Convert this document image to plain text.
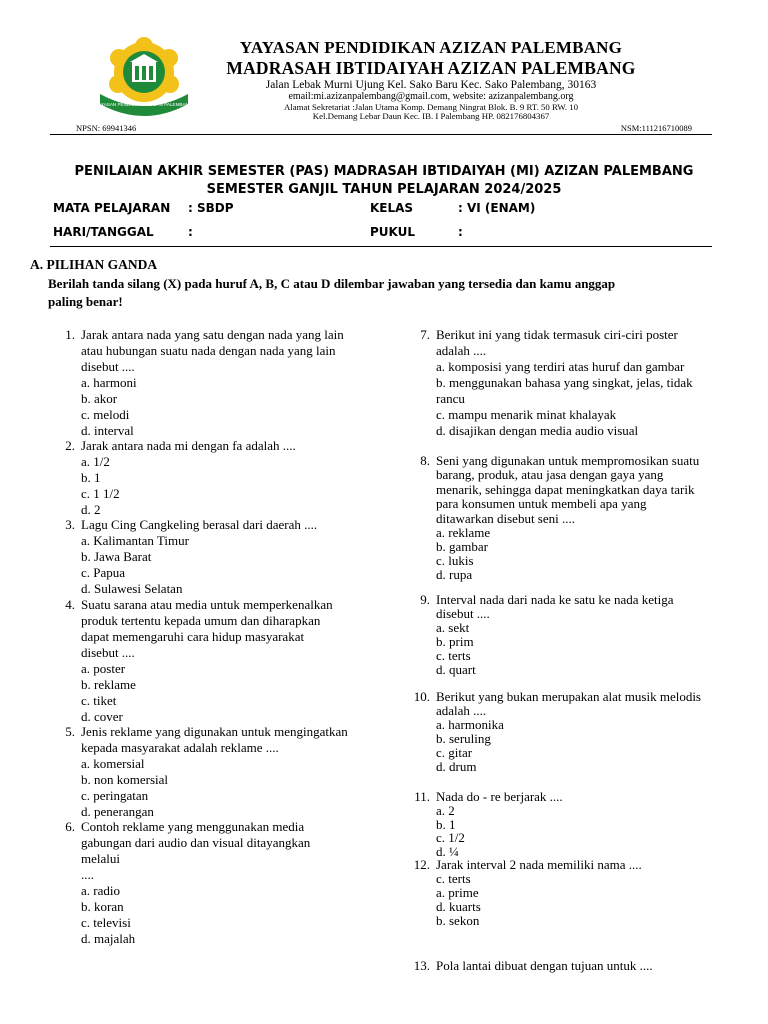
YAYASAN PENDIDIKAN AZIZAN PALEMBANG
YAYASAN PENDIDIKAN AZIZAN PALEMBANG
MADRASAH IBTIDAIYAH AZIZAN PALEMBANG
Jalan Lebak Murni Ujung Kel. Sako Baru Kec. Sako Palembang, 30163
email:mi.azizanpalembang@gmail.com, website: azizanpalembang.org
Alamat Sekretariat :Jalan Utama Komp. Demang Ningrat Blok. B. 9 RT. 50 RW. 10
Kel.Demang Lebar Daun Kec. IB. I Palembang HP. 082176804367
NPSN: 69941346	NSM:111216710089
PENILAIAN AKHIR SEMESTER (PAS) MADRASAH IBTIDAIYAH (MI) AZIZAN PALEMBANG
SEMESTER GANJIL TAHUN PELAJARAN 2024/2025
MATA PELAJARAN : SBDP	KELAS	: VI (ENAM)
HARI/TANGGAL	:	PUKUL	:
A. PILIHAN GANDA
Berilah tanda silang (X) pada huruf A, B, C atau D dilembar jawaban yang tersedia dan kamu anggap
paling benar!
1. Jarak antara nada yang satu dengan nada yang lain
atau hubungan suatu nada dengan nada yang lain
disebut ....
a. harmoni
b. akor
c. melodi
d. interval
2. Jarak antara nada mi dengan fa adalah ....
a. 1/2
b. 1
c. 1 1/2
d. 2
3. Lagu Cing Cangkeling berasal dari daerah ....
a. Kalimantan Timur
b. Jawa Barat
c. Papua
d. Sulawesi Selatan
4. Suatu sarana atau media untuk memperkenalkan
produk tertentu kepada umum dan diharapkan
dapat memengaruhi cara hidup masyarakat
disebut ....
a. poster
b. reklame
c. tiket
d. cover
5. Jenis reklame yang digunakan untuk mengingatkan
kepada masyarakat adalah reklame ....
a. komersial
b. non komersial
c. peringatan
d. penerangan
6. Contoh reklame yang menggunakan media
gabungan dari audio dan visual ditayangkan
melalui
....
a. radio
b. koran
c. televisi
d. majalah
7. Berikut ini yang tidak termasuk ciri-ciri poster
adalah ....
a. komposisi yang terdiri atas huruf dan gambar
b. menggunakan bahasa yang singkat, jelas, tidak
rancu
c. mampu menarik minat khalayak
d. disajikan dengan media audio visual
8. Seni yang digunakan untuk mempromosikan suatu
barang, produk, atau jasa dengan gaya yang
menarik, sehingga dapat meningkatkan daya tarik
para konsumen untuk membeli apa yang
ditawarkan disebut seni ....
a. reklame
b. gambar
c. lukis
d. rupa
9. Interval nada dari nada ke satu ke nada ketiga
disebut ....
a. sekt
b. prim
c. terts
d. quart
10. Berikut yang bukan merupakan alat musik melodis
adalah ....
a. harmonika
b. seruling
c. gitar
d. drum
11. Nada do - re berjarak ....
a. 2
b. 1
c. 1/2
d. ¼
12. Jarak interval 2 nada memiliki nama ....
c. terts
a. prime
d. kuarts
b. sekon
13. Pola lantai dibuat dengan tujuan untuk ....
